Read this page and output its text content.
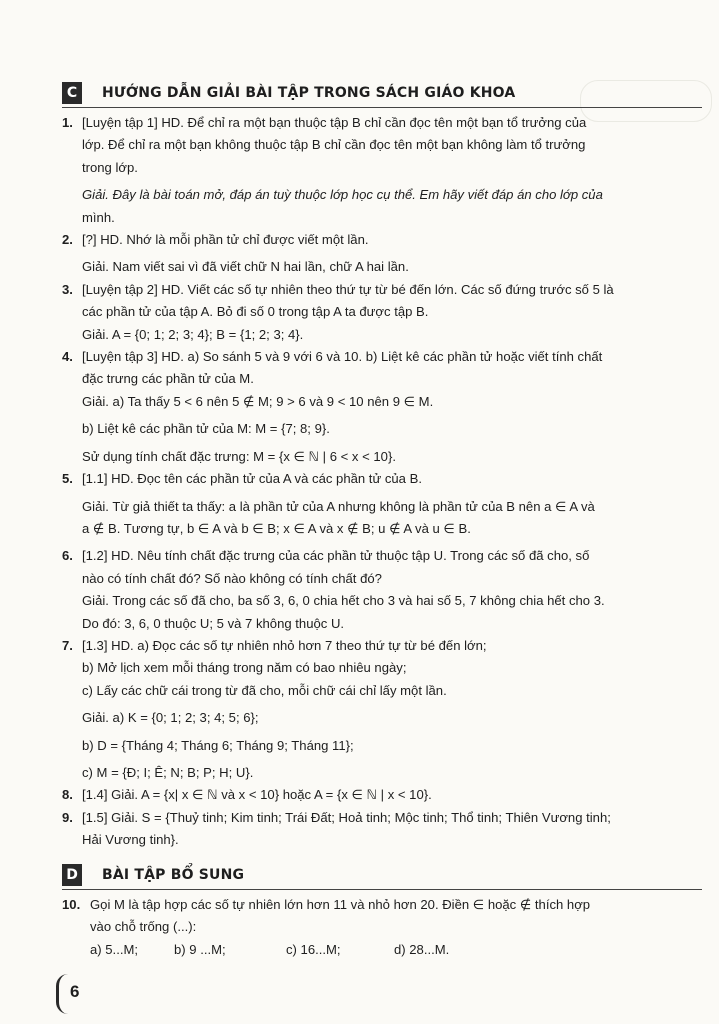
C	HƯỚNG DẪN GIẢI BÀI TẬP TRONG SÁCH GIÁO KHOA
1. [Luyện tập 1] HD. Để chỉ ra một bạn thuộc tập B chỉ cần đọc tên một bạn tổ trưởng của

lớp. Để chỉ ra một bạn không thuộc tập B chỉ cần đọc tên một bạn không làm tổ trưởng

trong lớp.

Giải. Đây là bài toán mở, đáp án tuỳ thuộc lớp học cụ thể. Em hãy viết đáp án cho lớp của

mình.

2. [?] HD. Nhớ là mỗi phần tử chỉ được viết một lần.

Giải. Nam viết sai vì đã viết chữ N hai lần, chữ A hai lần.

3. [Luyện tập 2] HD. Viết các số tự nhiên theo thứ tự từ bé đến lớn. Các số đứng trước số 5 là

các phần tử của tập A. Bỏ đi số 0 trong tập A ta được tập B.

Giải. A = {0; 1; 2; 3; 4}; B = {1; 2; 3; 4}.

4. [Luyện tập 3] HD. a) So sánh 5 và 9 với 6 và 10. b) Liệt kê các phần tử hoặc viết tính chất

đặc trưng các phần tử của M.

Giải. a) Ta thấy 5 < 6 nên 5 ∉ M; 9 > 6 và 9 < 10 nên 9 ∈ M.

b) Liệt kê các phần tử của M: M = {7; 8; 9}.

Sử dụng tính chất đặc trưng: M = {x ∈ ℕ | 6 < x < 10}.

5. [1.1] HD. Đọc tên các phần tử của A và các phần tử của B.

Giải. Từ giả thiết ta thấy: a là phần tử của A nhưng không là phần tử của B nên a ∈ A và

a ∉ B. Tương tự, b ∈ A và b ∈ B; x ∈ A và x ∉ B; u ∉ A và u ∈ B.

6. [1.2] HD. Nêu tính chất đặc trưng của các phần tử thuộc tập U. Trong các số đã cho, số

nào có tính chất đó? Số nào không có tính chất đó?

Giải. Trong các số đã cho, ba số 3, 6, 0 chia hết cho 3 và hai số 5, 7 không chia hết cho 3.

Do đó: 3, 6, 0 thuộc U; 5 và 7 không thuộc U.

7. [1.3] HD. a) Đọc các số tự nhiên nhỏ hơn 7 theo thứ tự từ bé đến lớn;

b) Mở lịch xem mỗi tháng trong năm có bao nhiêu ngày;

c) Lấy các chữ cái trong từ đã cho, mỗi chữ cái chỉ lấy một lần.

Giải. a) K = {0; 1; 2; 3; 4; 5; 6};

b) D = {Tháng 4; Tháng 6; Tháng 9; Tháng 11};

c) M = {Đ; I; Ê; N; B; P; H; U}.

8. [1.4] Giải. A = {x| x ∈ ℕ và x < 10} hoặc A = {x ∈ ℕ | x < 10}.

9. [1.5] Giải. S = {Thuỷ tinh; Kim tinh; Trái Đất; Hoả tinh; Mộc tinh; Thổ tinh; Thiên Vương tinh;

Hải Vương tinh}.

D BÀI TẬP BỔ SUNG
10. Gọi M là tập hợp các số tự nhiên lớn hơn 11 và nhỏ hơn 20. Điền ∈ hoặc ∉ thích hợp

vào chỗ trống (...):

a) 5...M;	b) 9 ...M;	c) 16...M;	d) 28...M.
6
